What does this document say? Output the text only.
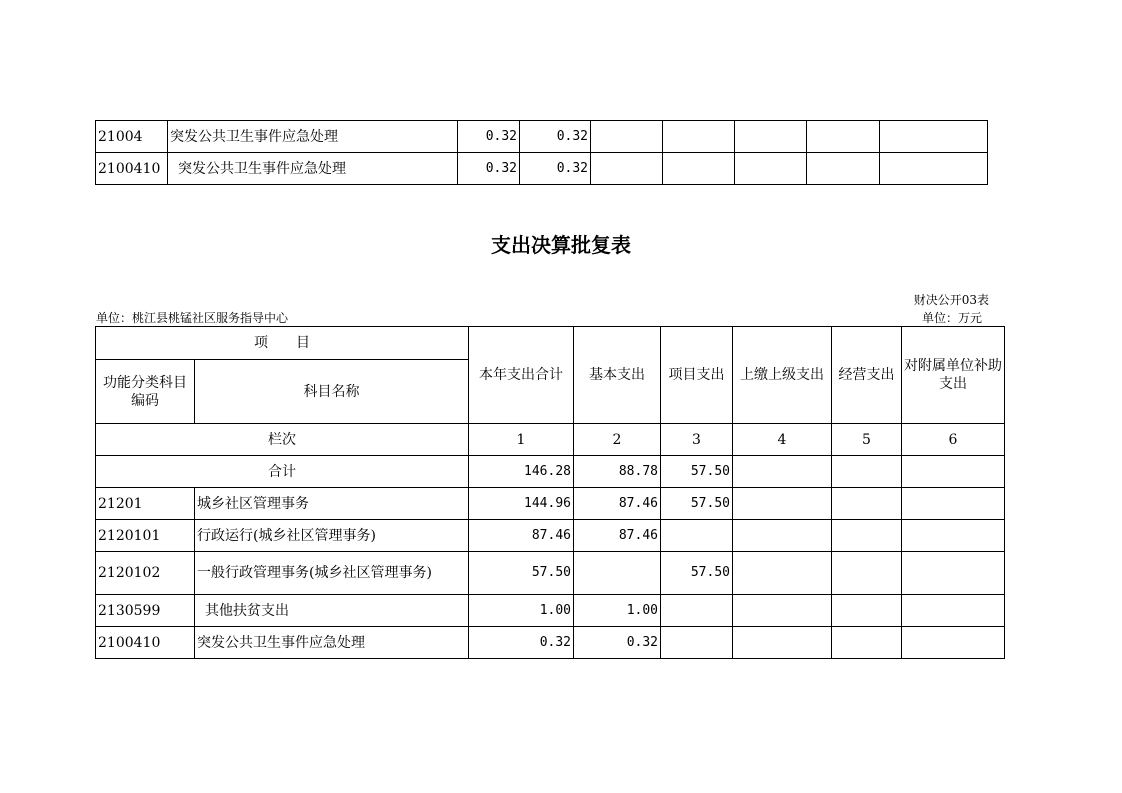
21004	突发公共卫生事件应急处理	0.32	0.32					
2100410	突发公共卫生事件应急处理	0.32	0.32					
支出决算批复表
财决公开03表
单位：桃江县桃锰社区服务指导中心	单位：万元
项　　目		本年支出合计	基本支出	项目支出	上缴上级支出	经营支出	对附属单位补助支出
功能分类科目编码	科目名称						
栏次		1	2	3	4	5	6
合计		146.28	88.78	57.50			
21201	城乡社区管理事务	144.96	87.46	57.50			
2120101	行政运行(城乡社区管理事务)	87.46	87.46				
2120102	一般行政管理事务(城乡社区管理事务)	57.50		57.50			
2130599	其他扶贫支出	1.00	1.00				
2100410	突发公共卫生事件应急处理	0.32	0.32				
